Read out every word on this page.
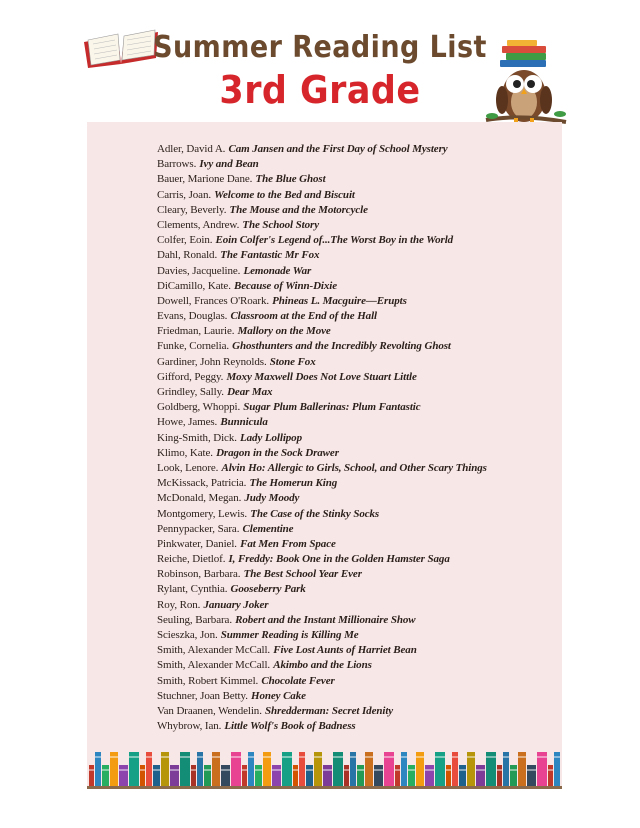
Summer Reading List
3rd Grade
Adler, David A. Cam Jansen and the First Day of School Mystery
Barrows. Ivy and Bean
Bauer, Marione Dane. The Blue Ghost
Carris, Joan. Welcome to the Bed and Biscuit
Cleary, Beverly. The Mouse and the Motorcycle
Clements, Andrew. The School Story
Colfer, Eoin. Eoin Colfer's Legend of...The Worst Boy in the World
Dahl, Ronald. The Fantastic Mr Fox
Davies, Jacqueline. Lemonade War
DiCamillo, Kate. Because of Winn-Dixie
Dowell, Frances O'Roark. Phineas L. Macguire—Erupts
Evans, Douglas. Classroom at the End of the Hall
Friedman, Laurie. Mallory on the Move
Funke, Cornelia. Ghosthunters and the Incredibly Revolting Ghost
Gardiner, John Reynolds. Stone Fox
Gifford, Peggy. Moxy Maxwell Does Not Love Stuart Little
Grindley, Sally. Dear Max
Goldberg, Whoppi. Sugar Plum Ballerinas: Plum Fantastic
Howe, James. Bunnicula
King-Smith, Dick. Lady Lollipop
Klimo, Kate. Dragon in the Sock Drawer
Look, Lenore. Alvin Ho: Allergic to Girls, School, and Other Scary Things
McKissack, Patricia. The Homerun King
McDonald, Megan. Judy Moody
Montgomery, Lewis. The Case of the Stinky Socks
Pennypacker, Sara. Clementine
Pinkwater, Daniel. Fat Men From Space
Reiche, Dietlof. I, Freddy: Book One in the Golden Hamster Saga
Robinson, Barbara. The Best School Year Ever
Rylant, Cynthia. Gooseberry Park
Roy, Ron. January Joker
Seuling, Barbara. Robert and the Instant Millionaire Show
Scieszka, Jon. Summer Reading is Killing Me
Smith, Alexander McCall. Five Lost Aunts of Harriet Bean
Smith, Alexander McCall. Akimbo and the Lions
Smith, Robert Kimmel. Chocolate Fever
Stuchner, Joan Betty. Honey Cake
Van Draanen, Wendelin. Shredderman: Secret Idenity
Whybrow, Ian. Little Wolf's Book of Badness
